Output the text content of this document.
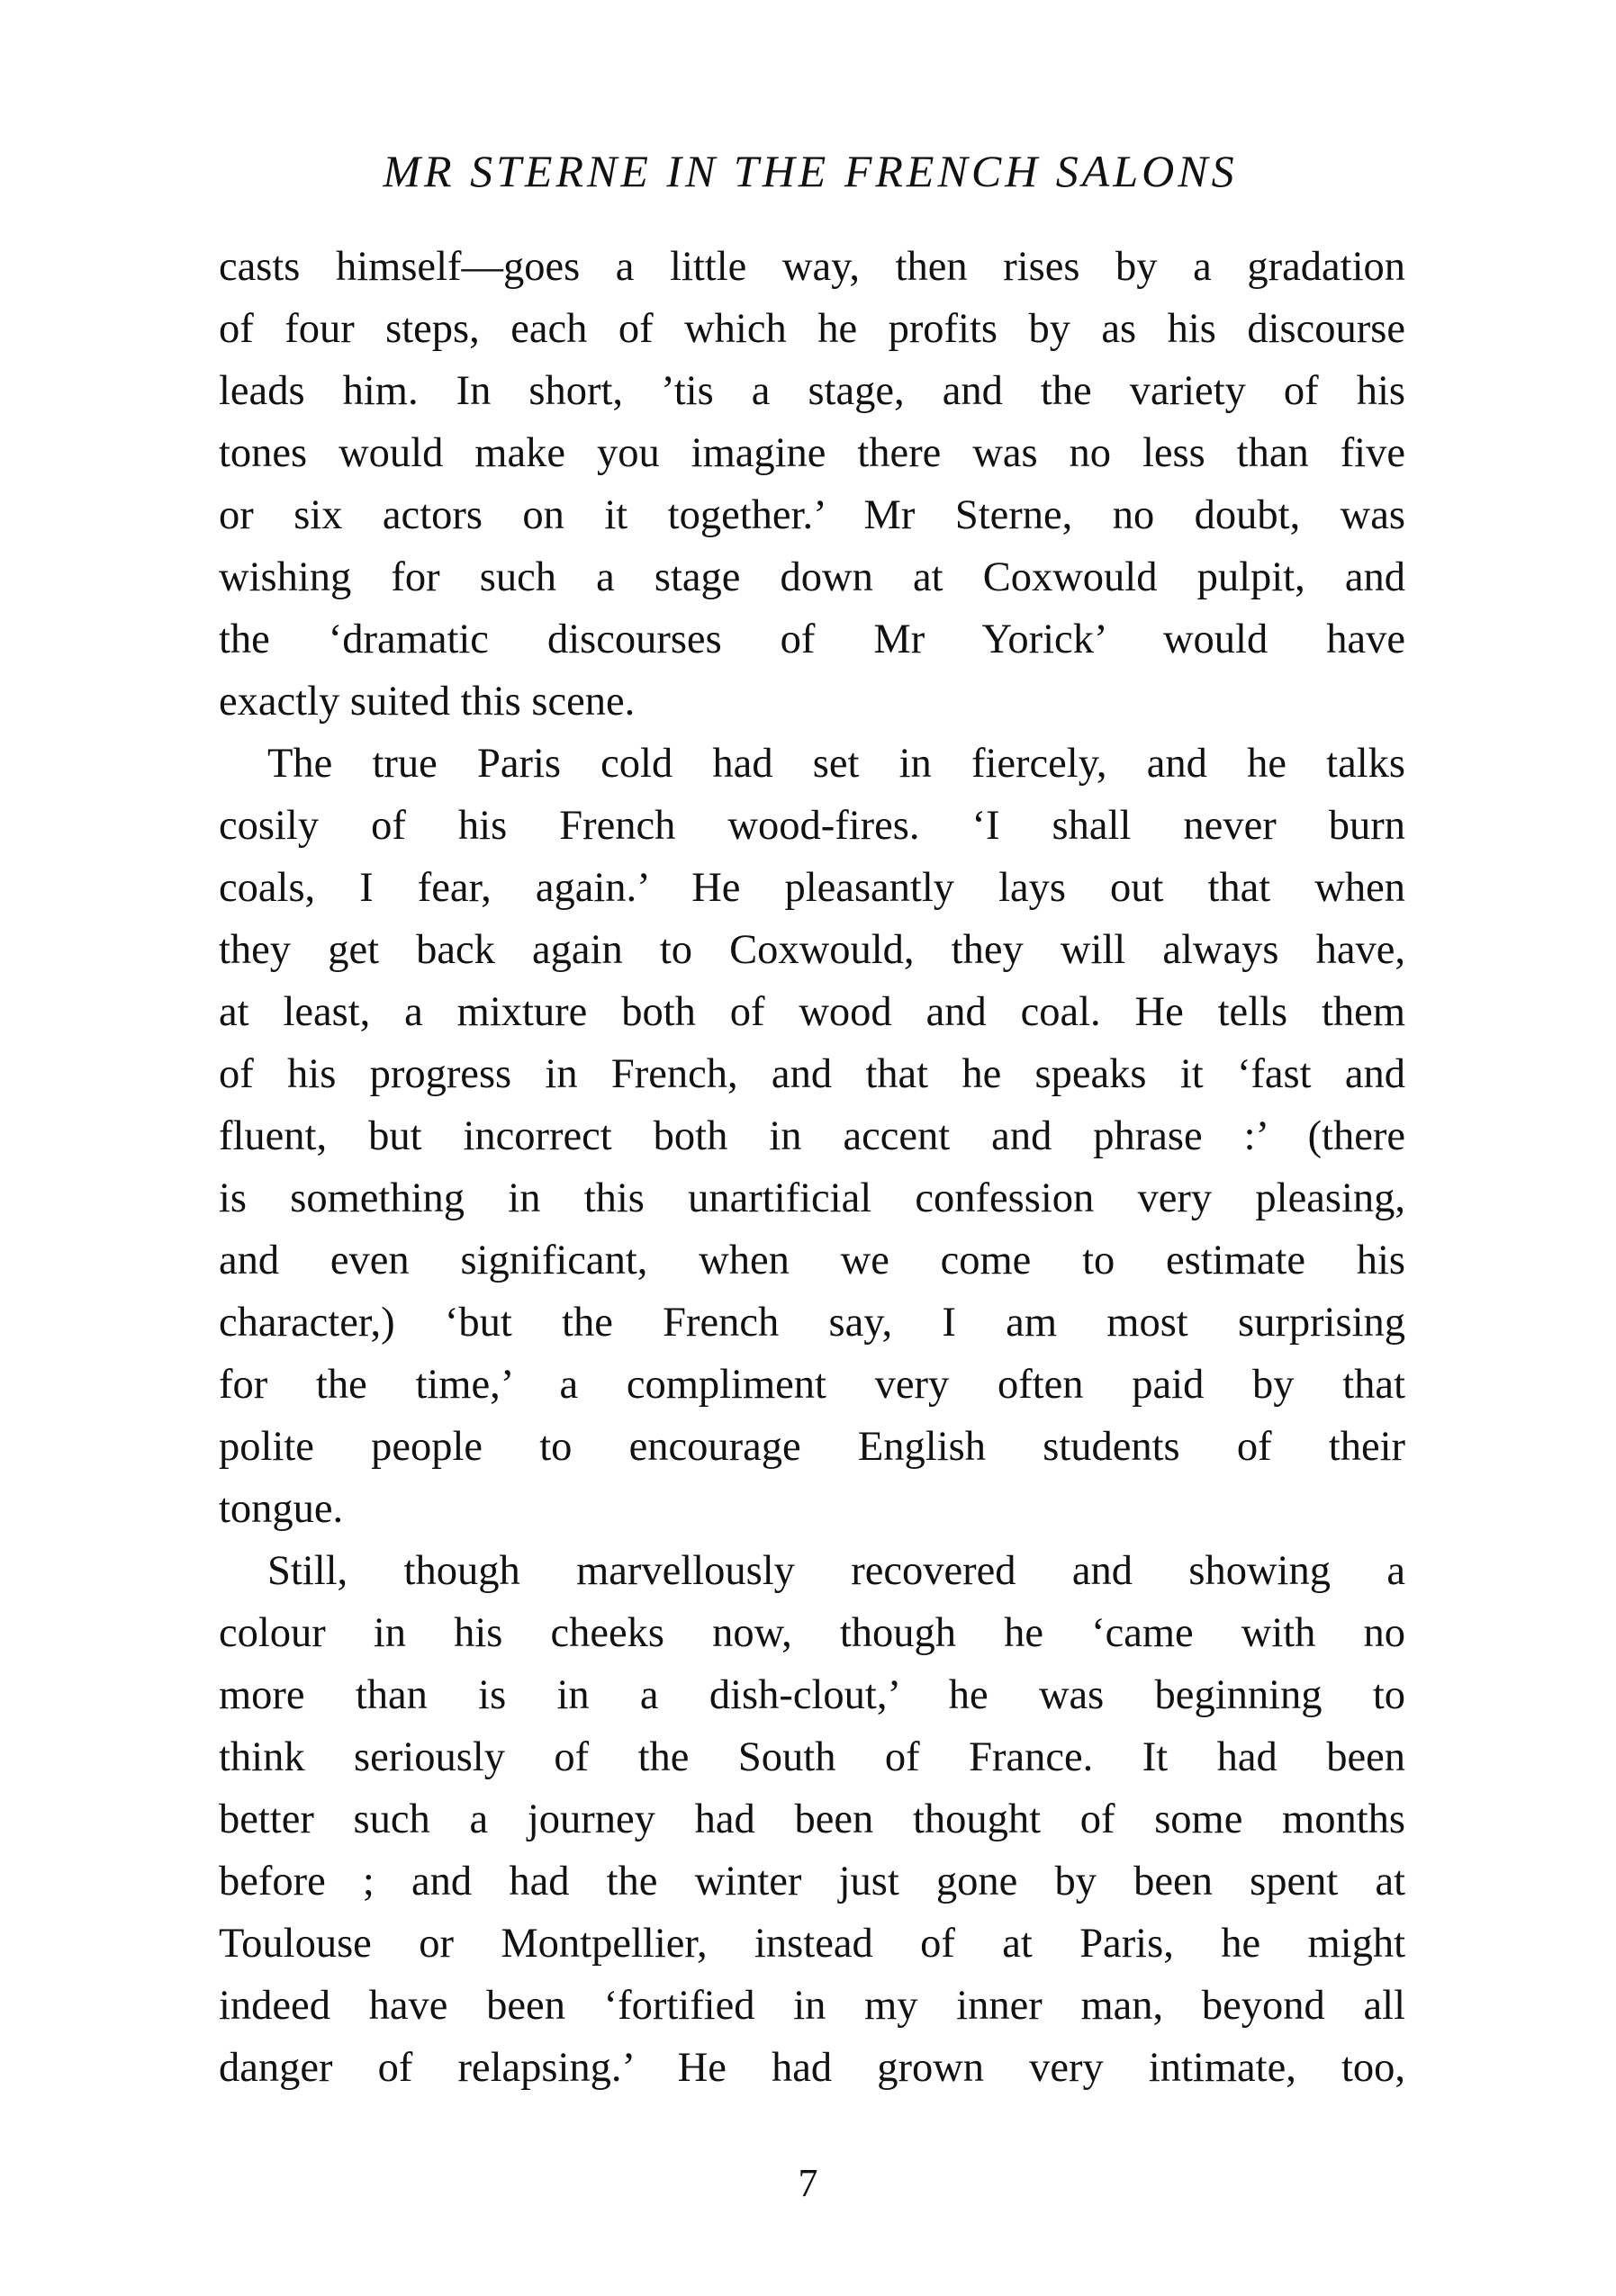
MR STERNE IN THE FRENCH SALONS
casts himself—goes a little way, then rises by a gradation
of four steps, each of which he profits by as his discourse
leads him. In short, ’tis a stage, and the variety of his
tones would make you imagine there was no less than five
or six actors on it together.’ Mr Sterne, no doubt, was
wishing for such a stage down at Coxwould pulpit, and
the ‘dramatic discourses of Mr Yorick’ would have
exactly suited this scene.
The true Paris cold had set in fiercely, and he talks
cosily of his French wood-fires. ‘I shall never burn
coals, I fear, again.’ He pleasantly lays out that when
they get back again to Coxwould, they will always have,
at least, a mixture both of wood and coal. He tells them
of his progress in French, and that he speaks it ‘fast and
fluent, but incorrect both in accent and phrase :’ (there
is something in this unartificial confession very pleasing,
and even significant, when we come to estimate his
character,) ‘but the French say, I am most surprising
for the time,’ a compliment very often paid by that
polite people to encourage English students of their
tongue.
Still, though marvellously recovered and showing a
colour in his cheeks now, though he ‘came with no
more than is in a dish-clout,’ he was beginning to
think seriously of the South of France. It had been
better such a journey had been thought of some months
before ; and had the winter just gone by been spent at
Toulouse or Montpellier, instead of at Paris, he might
indeed have been ‘fortified in my inner man, beyond all
danger of relapsing.’ He had grown very intimate, too,
7
